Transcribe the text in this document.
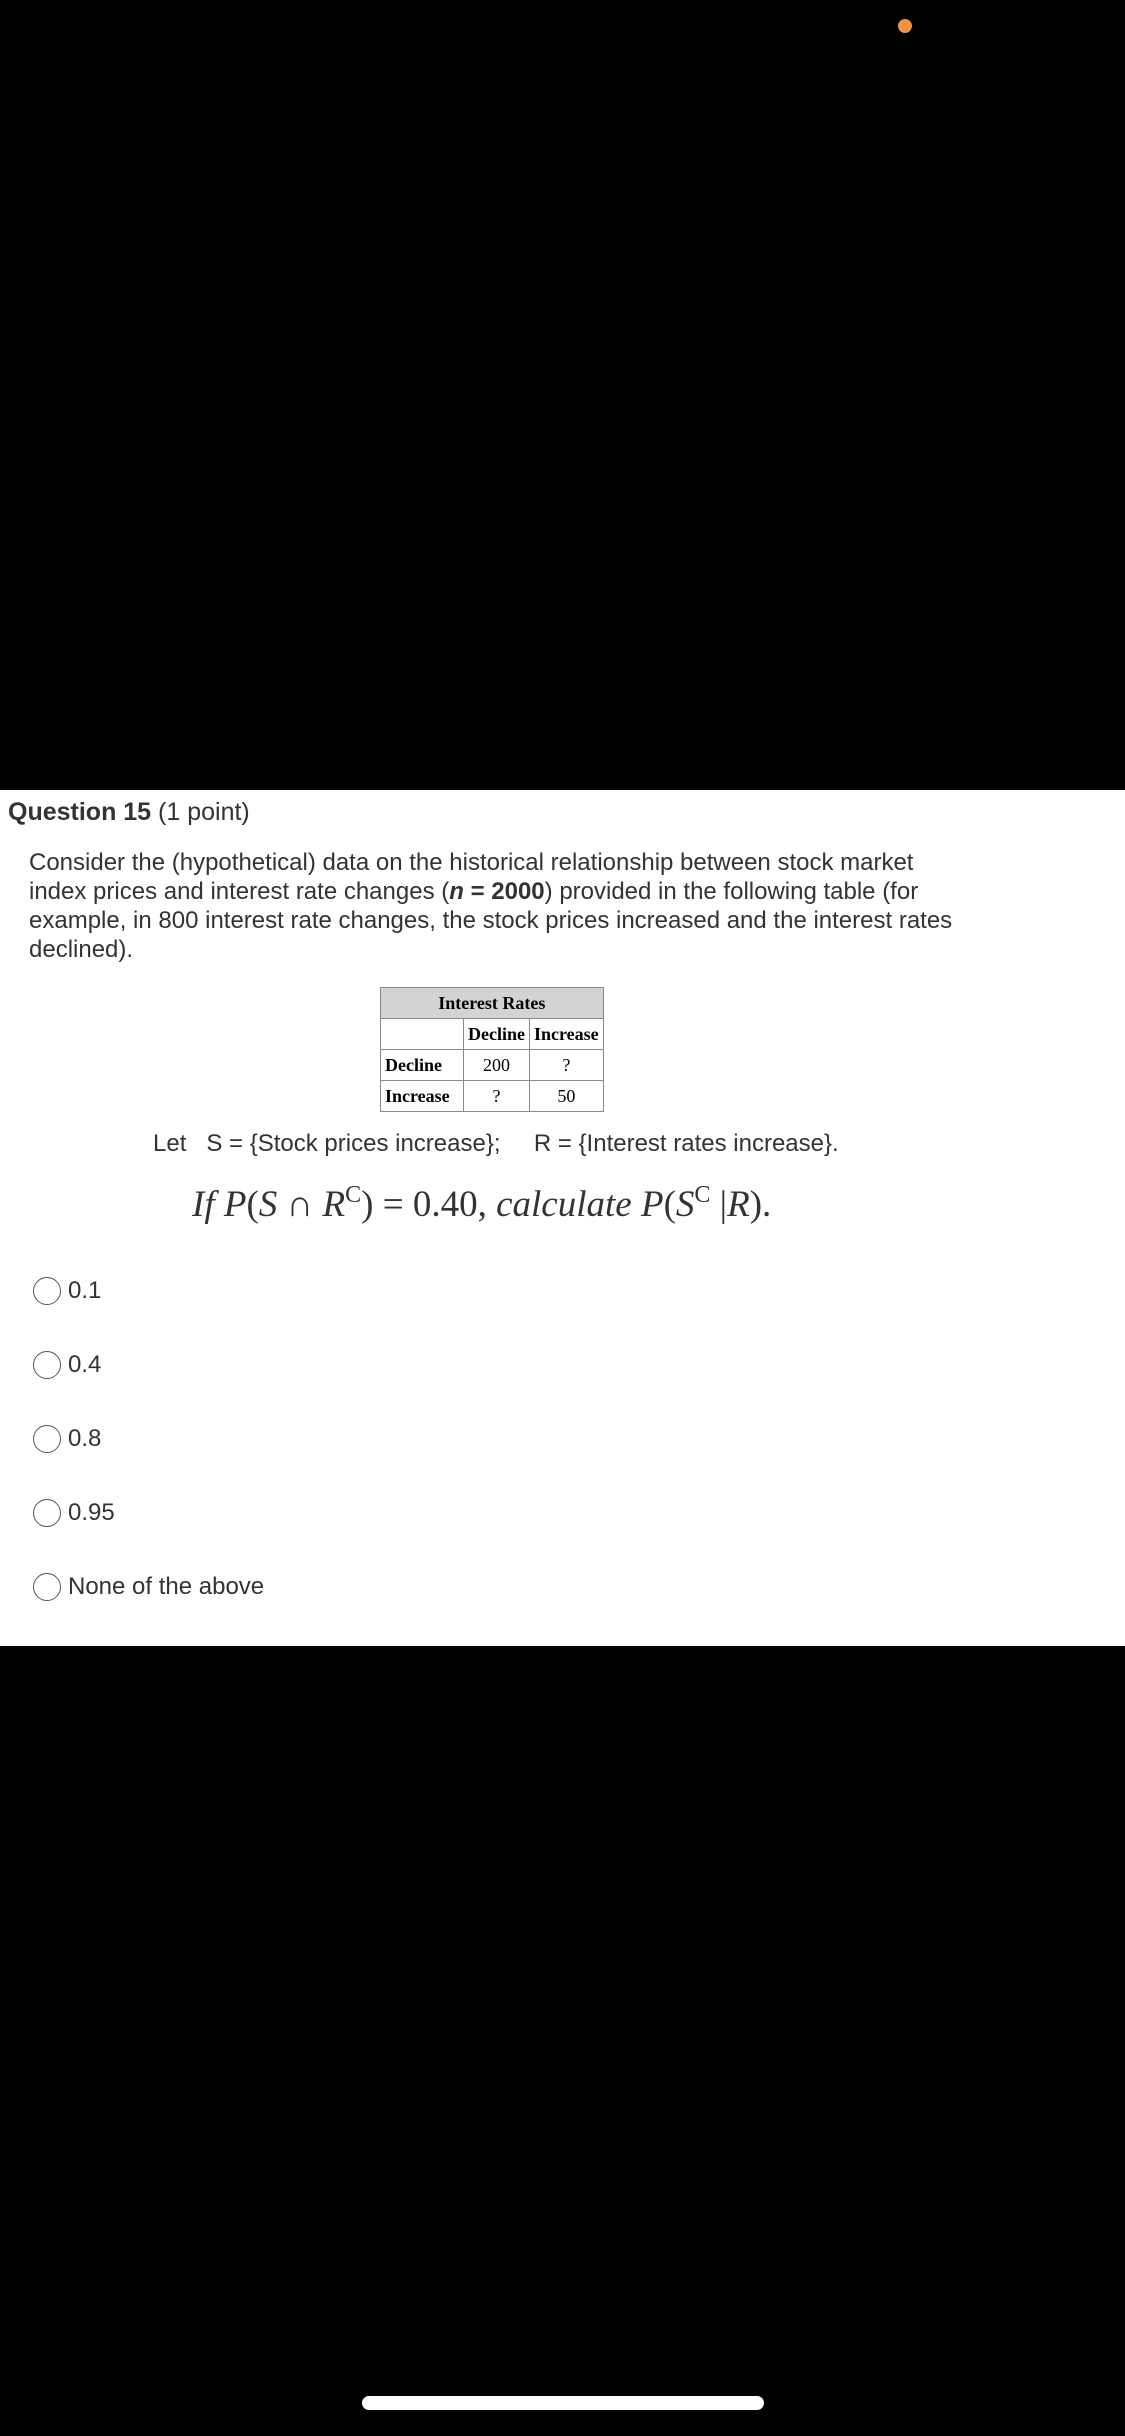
Question 15 (1 point)
Consider the (hypothetical) data on the historical relationship between stock market index prices and interest rate changes (n = 2000) provided in the following table (for example, in 800 interest rate changes, the stock prices increased and the interest rates declined).
Interest Rates		
	Decline	Increase
Decline	200	?
Increase	?	50
Let   S = {Stock prices increase};     R = {Interest rates increase}.
If P(S ∩ $R^C) = 0.40$, calculate $P(S^C$ |R).
0.1
0.4
0.8
0.95
None of the above
